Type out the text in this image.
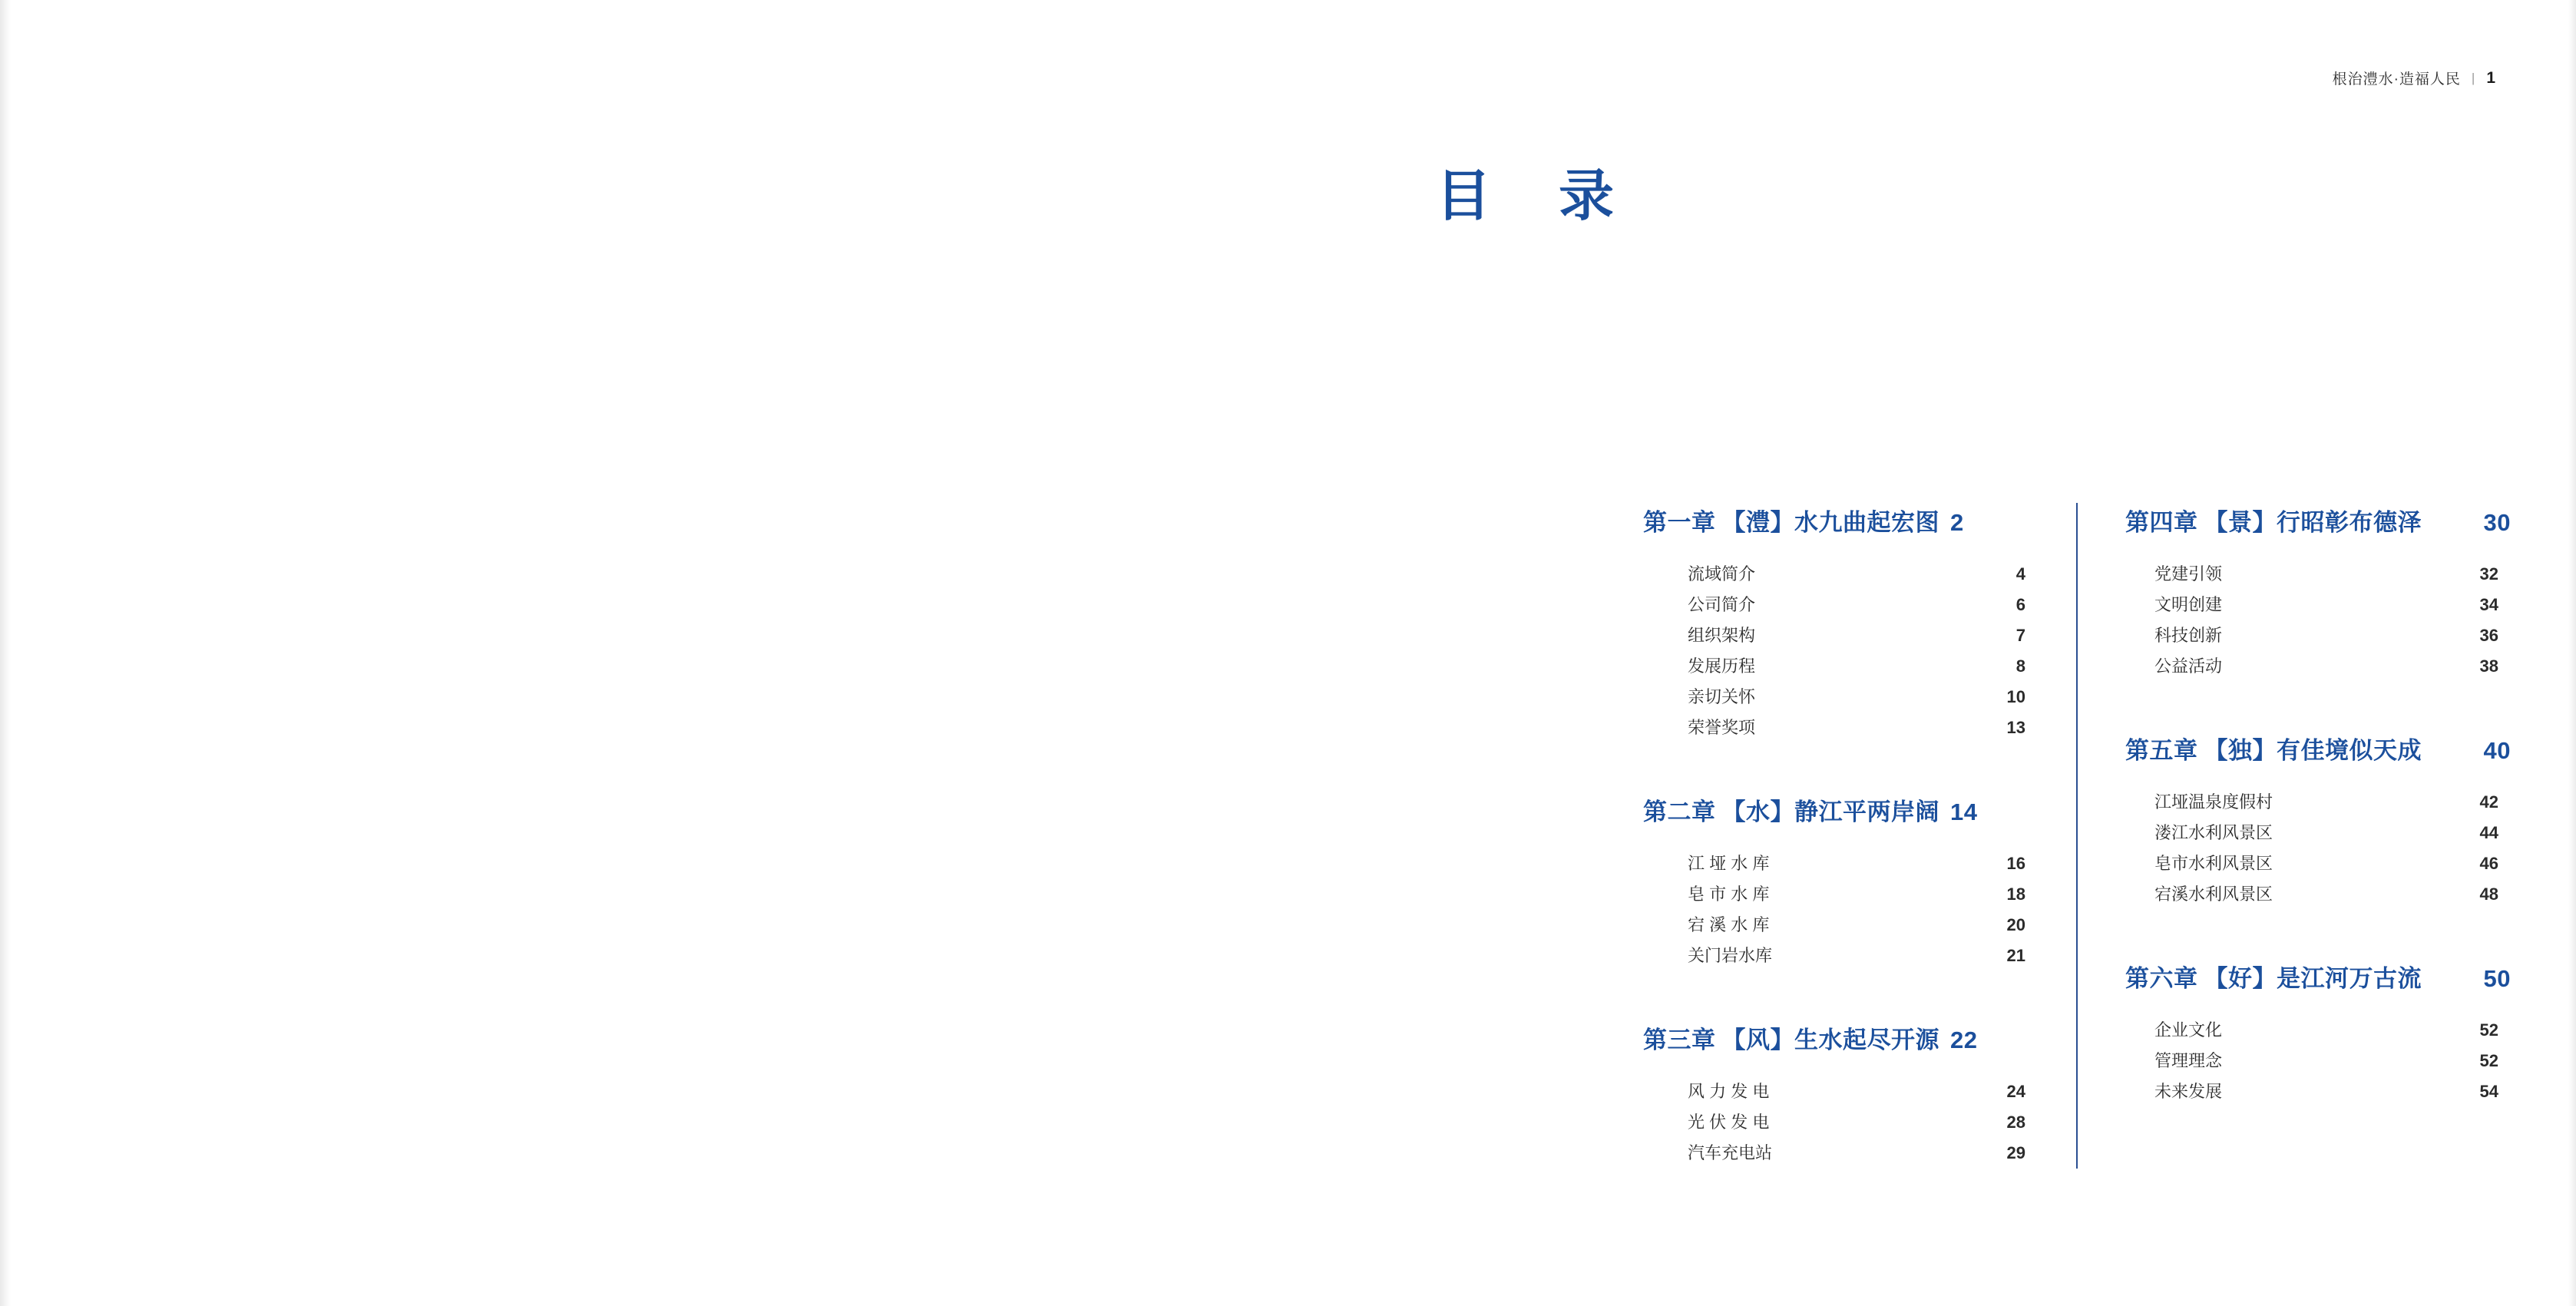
根治澧水·造福人民 | 1
目 录
第一章 【澧】水九曲起宏图 2
流域简介	4
公司简介	6
组织架构	7
发展历程	8
亲切关怀	10
荣誉奖项	13
第二章 【水】静江平两岸阔 14
江 垭 水 库	16
皂 市 水 库	18
宕 溪 水 库	20
关门岩水库	21
第三章 【风】生水起尽开源 22
风 力 发 电	24
光 伏 发 电	28
汽车充电站	29
第四章 【景】行昭彰布德泽	30
党建引领	32
文明创建	34
科技创新	36
公益活动	38
第五章 【独】有佳境似天成	40
江垭温泉度假村	42
溇江水利风景区	44
皂市水利风景区	46
宕溪水利风景区	48
第六章 【好】是江河万古流	50
企业文化	52
管理理念	52
未来发展	54
